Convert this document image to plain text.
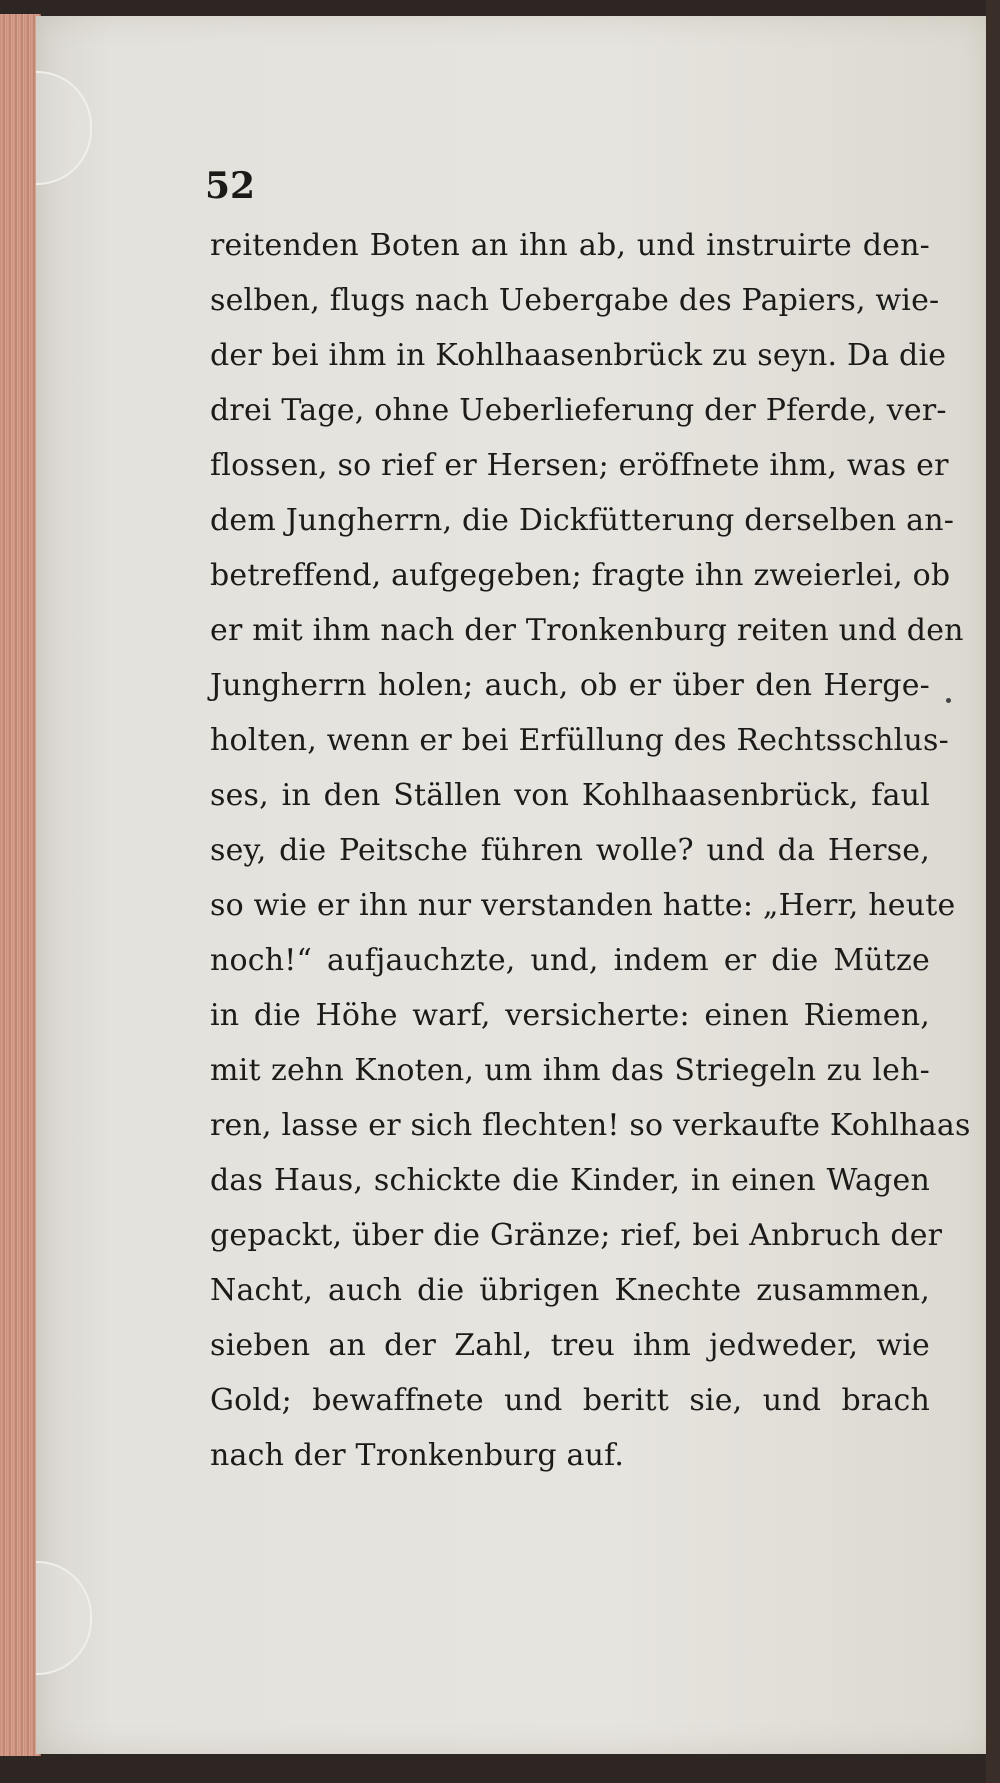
52
reitenden Boten an ihn ab, und instruirte den-
selben, flugs nach Uebergabe des Papiers, wie-
der bei ihm in Kohlhaasenbrück zu seyn. Da die
drei Tage, ohne Ueberlieferung der Pferde, ver-
flossen, so rief er Hersen; eröffnete ihm, was er
dem Jungherrn, die Dickfütterung derselben an-
betreffend, aufgegeben; fragte ihn zweierlei, ob
er mit ihm nach der Tronkenburg reiten und den
Jungherrn holen; auch, ob er über den Herge-
holten, wenn er bei Erfüllung des Rechtsschlus-
ses, in den Ställen von Kohlhaasenbrück, faul
sey, die Peitsche führen wolle? und da Herse,
so wie er ihn nur verstanden hatte: „Herr, heute
noch!“ aufjauchzte, und, indem er die Mütze
in die Höhe warf, versicherte: einen Riemen,
mit zehn Knoten, um ihm das Striegeln zu leh-
ren, lasse er sich flechten! so verkaufte Kohlhaas
das Haus, schickte die Kinder, in einen Wagen
gepackt, über die Gränze; rief, bei Anbruch der
Nacht, auch die übrigen Knechte zusammen,
sieben an der Zahl, treu ihm jedweder, wie
Gold; bewaffnete und beritt sie, und brach
nach der Tronkenburg auf.
